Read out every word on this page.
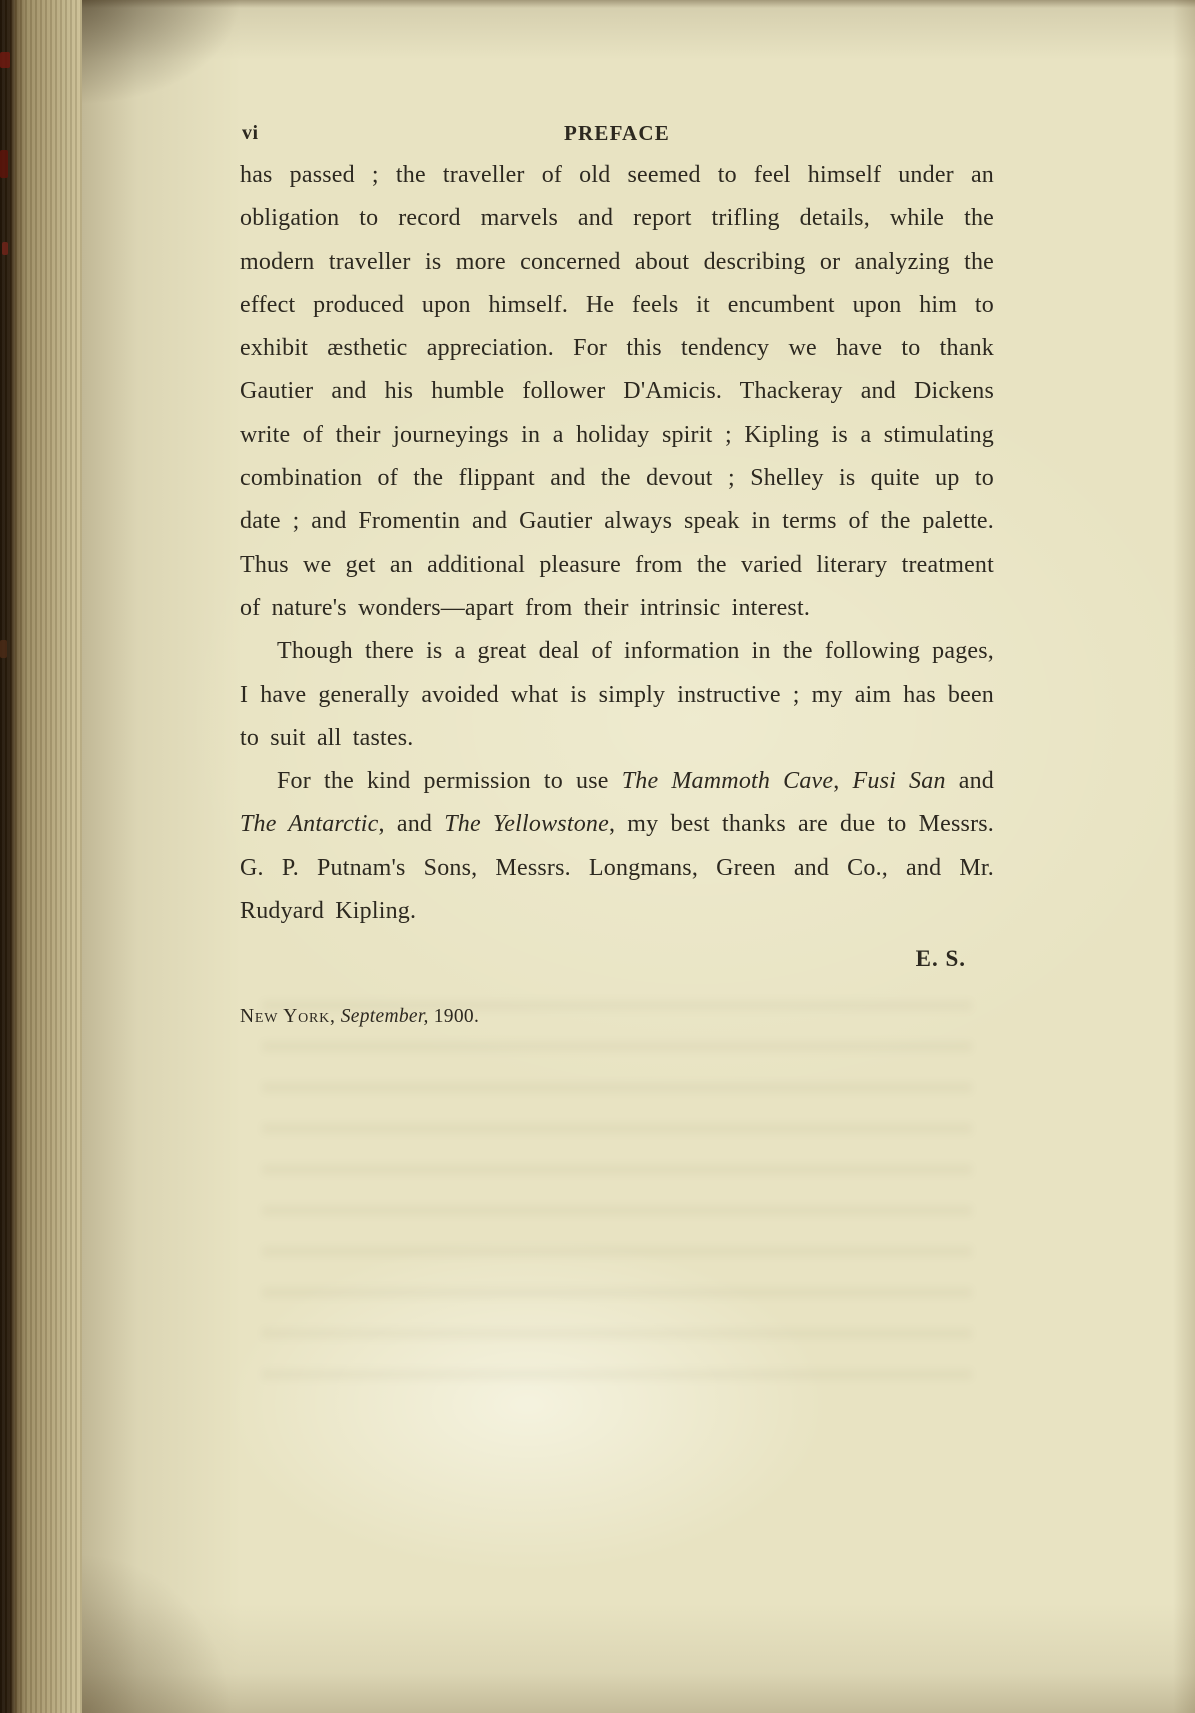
vi	PREFACE

has passed ; the traveller of old seemed to feel himself under an obligation to record marvels and report trifling details, while the modern traveller is more concerned about describing or analyzing the effect produced upon himself. He feels it encumbent upon him to exhibit æsthetic appreciation. For this tendency we have to thank Gautier and his humble follower D'Amicis. Thackeray and Dickens write of their journeyings in a holiday spirit ; Kipling is a stimulating combination of the flippant and the devout ; Shelley is quite up to date ; and Fromentin and Gautier always speak in terms of the palette. Thus we get an additional pleasure from the varied literary treatment of nature's wonders—apart from their intrinsic interest.

Though there is a great deal of information in the following pages, I have generally avoided what is simply instructive ; my aim has been to suit all tastes.

For the kind permission to use The Mammoth Cave, Fusi San and The Antarctic, and The Yellowstone, my best thanks are due to Messrs. G. P. Putnam's Sons, Messrs. Longmans, Green and Co., and Mr. Rudyard Kipling.

E. S.
New York, September, 1900.
